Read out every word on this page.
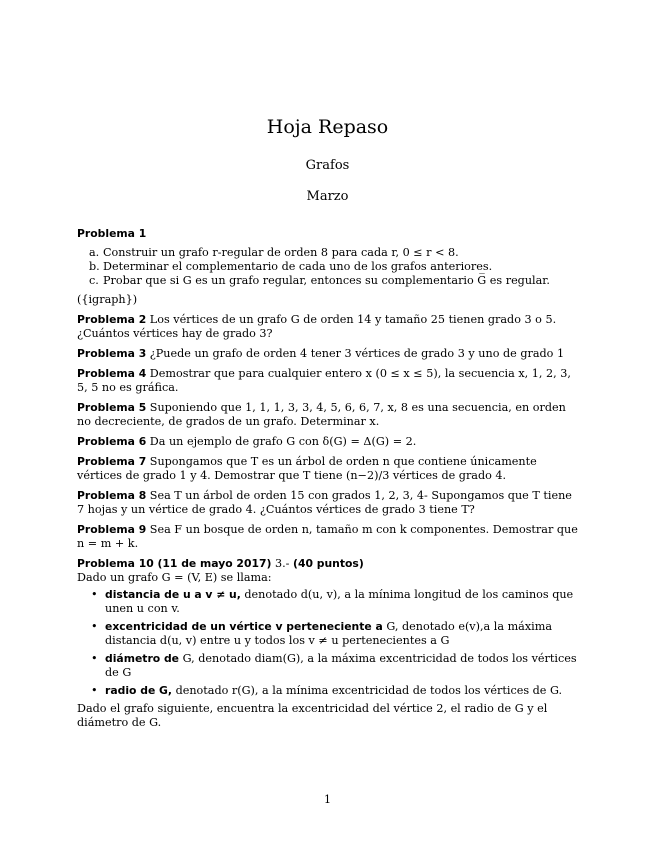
Hoja Repaso
Grafos
Marzo
Problema 1
a. Construir un grafo r-regular de orden 8 para cada r, 0 ≤ r < 8.
b. Determinar el complementario de cada uno de los grafos anteriores.
c. Probar que si G es un grafo regular, entonces su complementario G̅ es regular.
({igraph})
Problema 2 Los vértices de un grafo G de orden 14 y tamaño 25 tienen grado 3 o 5. ¿Cuántos vértices hay de grado 3?
Problema 3 ¿Puede un grafo de orden 4 tener 3 vértices de grado 3 y uno de grado 1
Problema 4 Demostrar que para cualquier entero x (0 ≤ x ≤ 5), la secuencia x, 1, 2, 3, 5, 5 no es gráfica.
Problema 5 Suponiendo que 1, 1, 1, 3, 3, 4, 5, 6, 6, 7, x, 8 es una secuencia, en orden no decreciente, de grados de un grafo. Determinar x.
Problema 6 Da un ejemplo de grafo G con δ(G) = Δ(G) = 2.
Problema 7 Supongamos que T es un árbol de orden n que contiene únicamente vértices de grado 1 y 4. Demostrar que T tiene (n−2)/3 vértices de grado 4.
Problema 8 Sea T un árbol de orden 15 con grados 1, 2, 3, 4- Supongamos que T tiene 7 hojas y un vértice de grado 4. ¿Cuántos vértices de grado 3 tiene T?
Problema 9 Sea F un bosque de orden n, tamaño m con k componentes. Demostrar que n = m + k.
Problema 10 (11 de mayo 2017) 3.- (40 puntos)
Dado un grafo G = (V, E) se llama:
• distancia de u a v ≠ u, denotado d(u, v), a la mínima longitud de los caminos que unen u con v.
• excentricidad de un vértice v perteneciente a G, denotado e(v),a la máxima distancia d(u, v) entre u y todos los v ≠ u pertenecientes a G
• diámetro de G, denotado diam(G), a la máxima excentricidad de todos los vértices de G
• radio de G, denotado r(G), a la mínima excentricidad de todos los vértices de G.
Dado el grafo siguiente, encuentra la excentricidad del vértice 2, el radio de G y el diámetro de G.
1
